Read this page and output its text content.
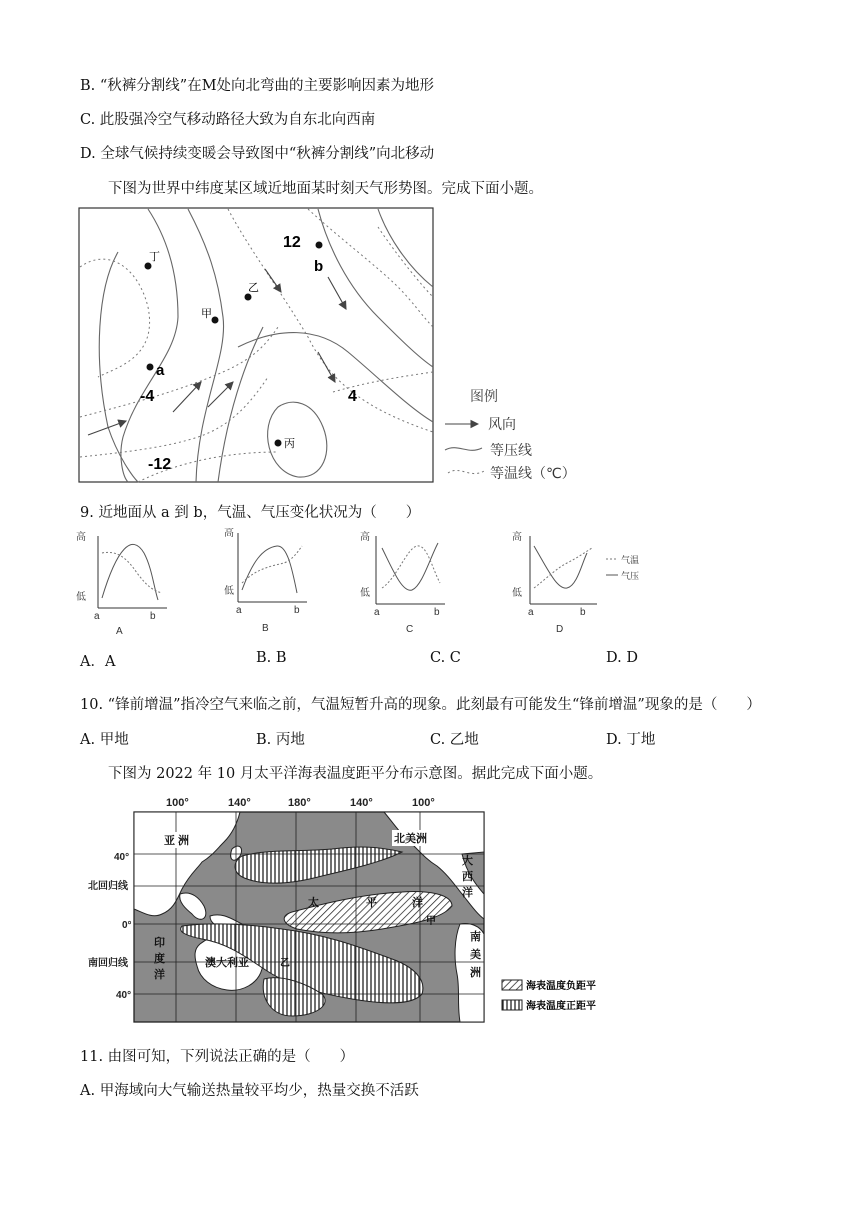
B. “秋裤分割线”在M处向北弯曲的主要影响因素为地形
C. 此股强冷空气移动路径大致为自东北向西南
D. 全球气候持续变暖会导致图中“秋裤分割线”向北移动
下图为世界中纬度某区域近地面某时刻天气形势图。完成下面小题。
12
-4	4
-12
丁
甲
乙
丙
a
b
图例
风向
等压线
等温线（℃）
9. 近地面从 a 到 b，气温、气压变化状况为（　　）
高
低
a	b
A
高
低
a	b
B
高
低
a	b
C
高
低
a	b
D
气温
气压
A．A	B. B	C. C	D. D
10. “锋前增温”指冷空气来临之前，气温短暂升高的现象。此刻最有可能发生“锋前增温”现象的是（　　）
A. 甲地	B. 丙地	C. 乙地	D. 丁地
下图为 2022 年 10 月太平洋海表温度距平分布示意图。据此完成下面小题。
100°	140°	180°	140°	100°
40°
北回归线
0°
南回归线
40°
亚 洲	北美洲
大
西
洋
太	平	洋
印
度
洋
澳大利亚
南
美
洲
甲
乙
海表温度负距平
海表温度正距平
11. 由图可知，下列说法正确的是（　　）
A. 甲海域向大气输送热量较平均少，热量交换不活跃
